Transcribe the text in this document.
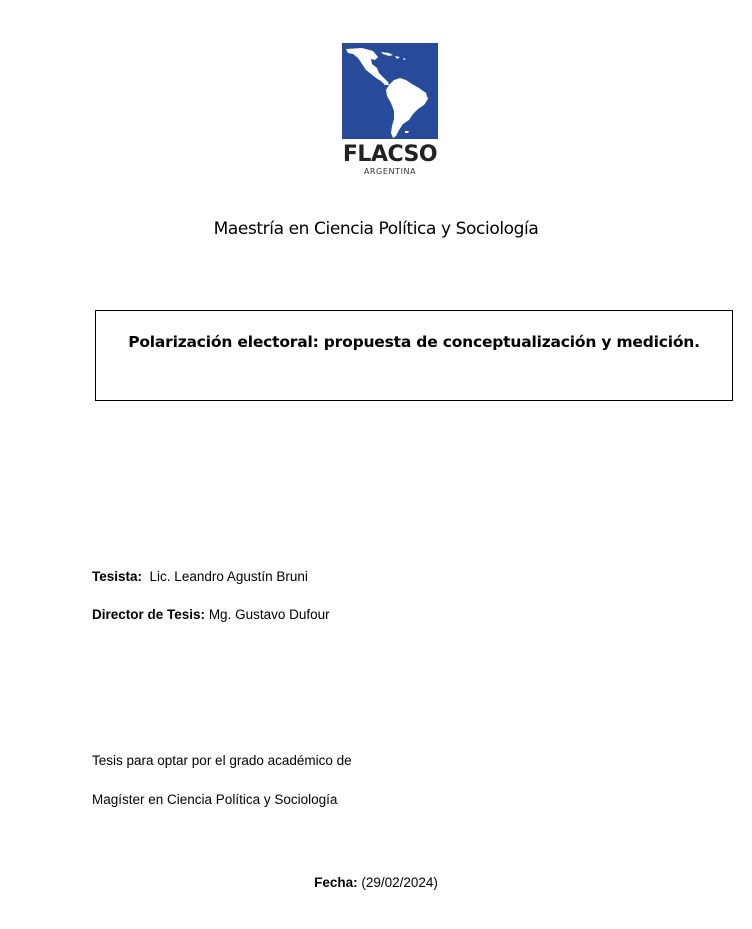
FLACSO
ARGENTINA
Maestría en Ciencia Política y Sociología
Polarización electoral: propuesta de conceptualización y medición.
Tesista: Lic. Leandro Agustín Bruni
Director de Tesis: Mg. Gustavo Dufour
Tesis para optar por el grado académico de
Magíster en Ciencia Política y Sociología
Fecha: (29/02/2024)
